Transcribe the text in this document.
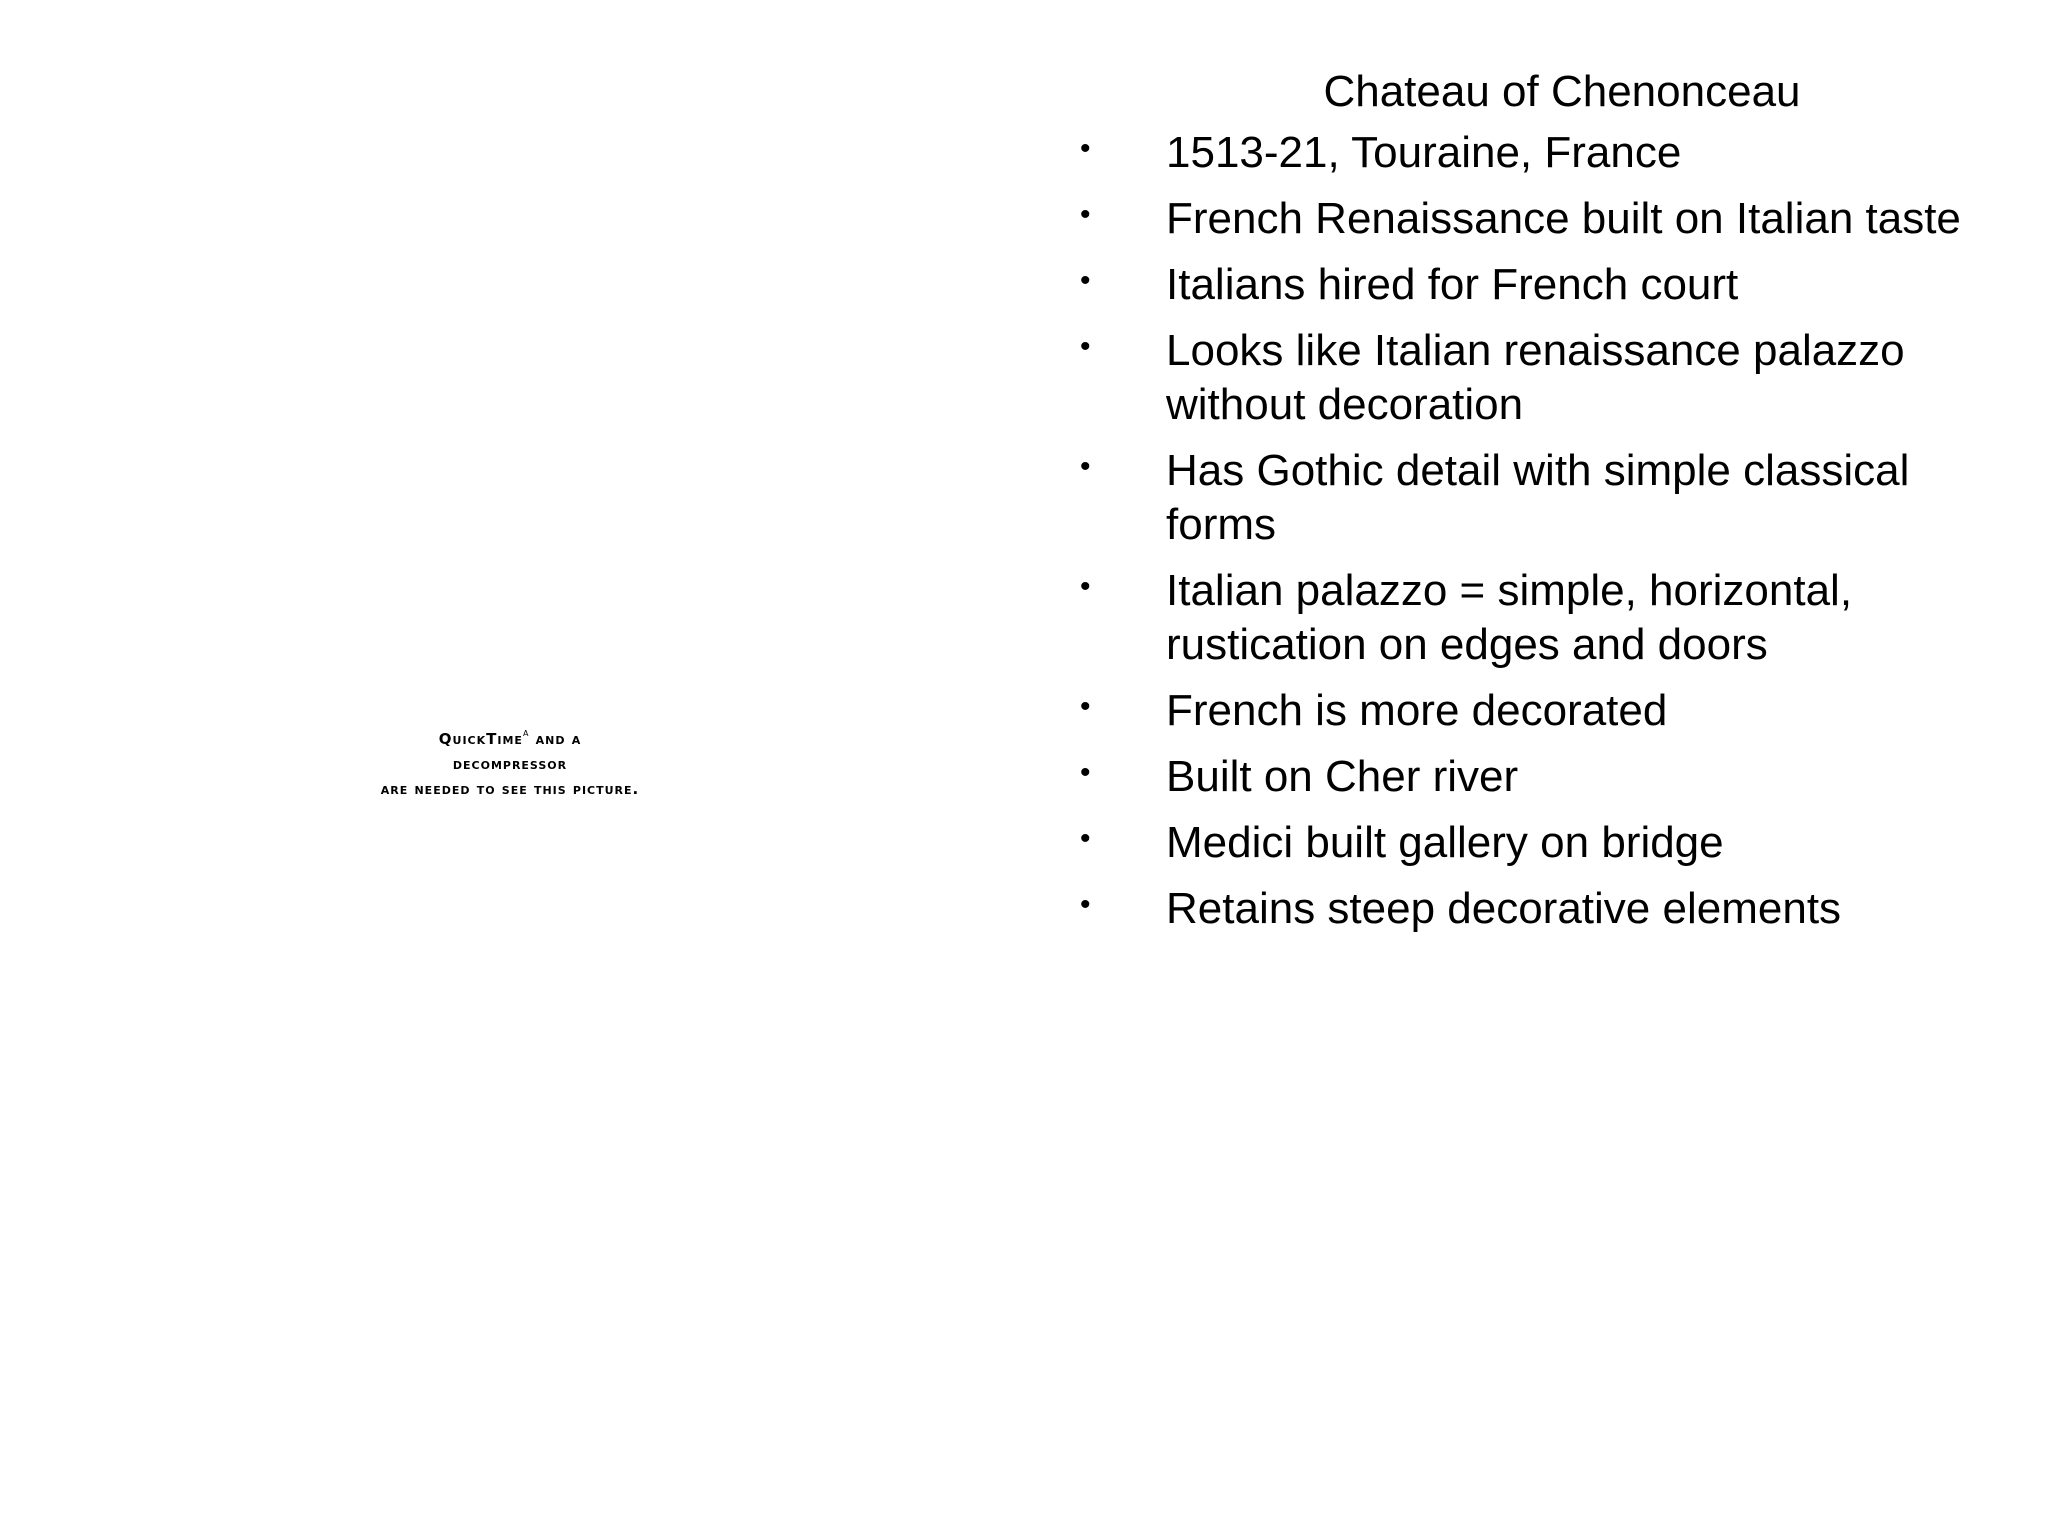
QuickTime$^a$ and a
decompressor
are needed to see this picture.
Chateau of Chenonceau
•	1513-21, Touraine, France
•	French Renaissance built on Italian taste
•	Italians hired for French court
•	Looks like Italian renaissance palazzo without decoration
•	Has Gothic detail with simple classical forms
•	Italian palazzo = simple, horizontal, rustication on edges and doors
•	French is more decorated
•	Built on Cher river
•	Medici built gallery on bridge
•	Retains steep decorative elements
